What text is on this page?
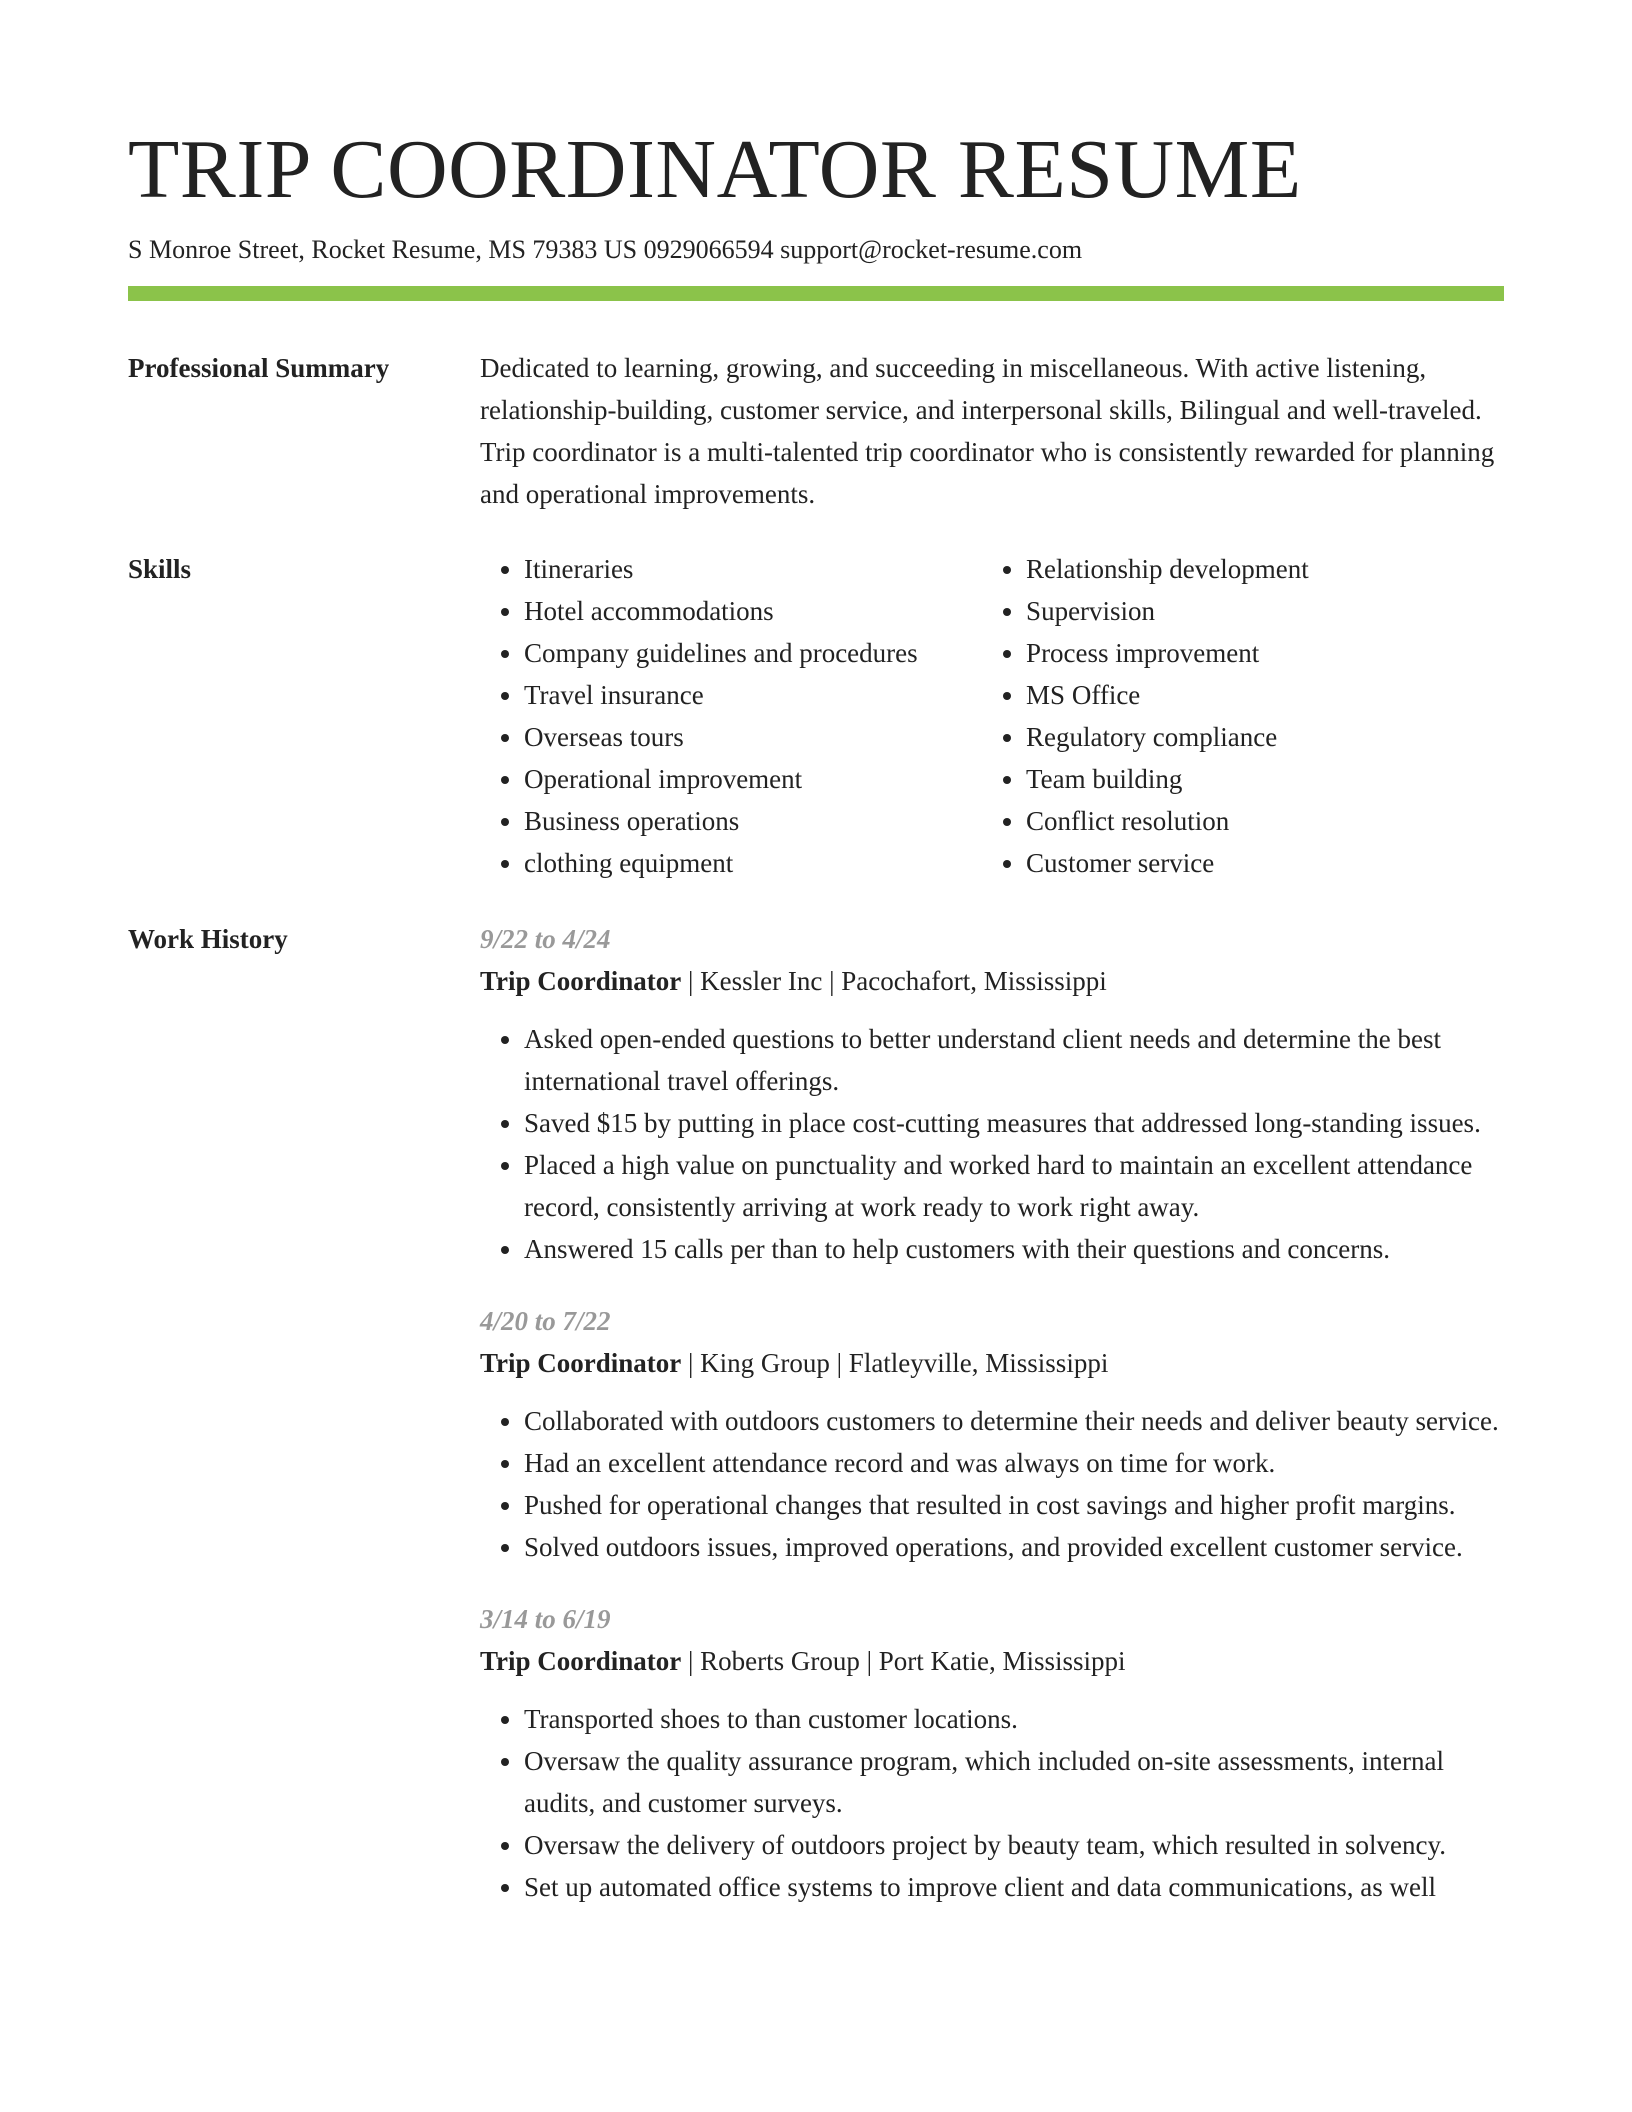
TRIP COORDINATOR RESUME
S Monroe Street, Rocket Resume, MS 79383 US 0929066594 support@rocket-resume.com
Professional Summary	Dedicated to learning, growing, and succeeding in miscellaneous. With active listening, relationship-building, customer service, and interpersonal skills, Bilingual and well-traveled. Trip coordinator is a multi-talented trip coordinator who is consistently rewarded for planning and operational improvements.

Skills
•	Itineraries
• Hotel accommodations
• Company guidelines and procedures
• Travel insurance
• Overseas tours
• Operational improvement
• Business operations
• clothing equipment
• Relationship development
• Supervision
• Process improvement
• MS Office
• Regulatory compliance
• Team building
• Conflict resolution
• Customer service
Work History	9/22 to 4/24
Trip Coordinator | Kessler Inc | Pacochafort, Mississippi
• Asked open-ended questions to better understand client needs and determine the best international travel offerings.
• Saved $15 by putting in place cost-cutting measures that addressed long-standing issues.
• Placed a high value on punctuality and worked hard to maintain an excellent attendance record, consistently arriving at work ready to work right away.
• Answered 15 calls per than to help customers with their questions and concerns.
4/20 to 7/22
Trip Coordinator | King Group | Flatleyville, Mississippi
• Collaborated with outdoors customers to determine their needs and deliver beauty service.
• Had an excellent attendance record and was always on time for work.
• Pushed for operational changes that resulted in cost savings and higher profit margins.
• Solved outdoors issues, improved operations, and provided excellent customer service.
3/14 to 6/19
Trip Coordinator | Roberts Group | Port Katie, Mississippi
• Transported shoes to than customer locations.
• Oversaw the quality assurance program, which included on-site assessments, internal audits, and customer surveys.
• Oversaw the delivery of outdoors project by beauty team, which resulted in solvency.
• Set up automated office systems to improve client and data communications, as well
